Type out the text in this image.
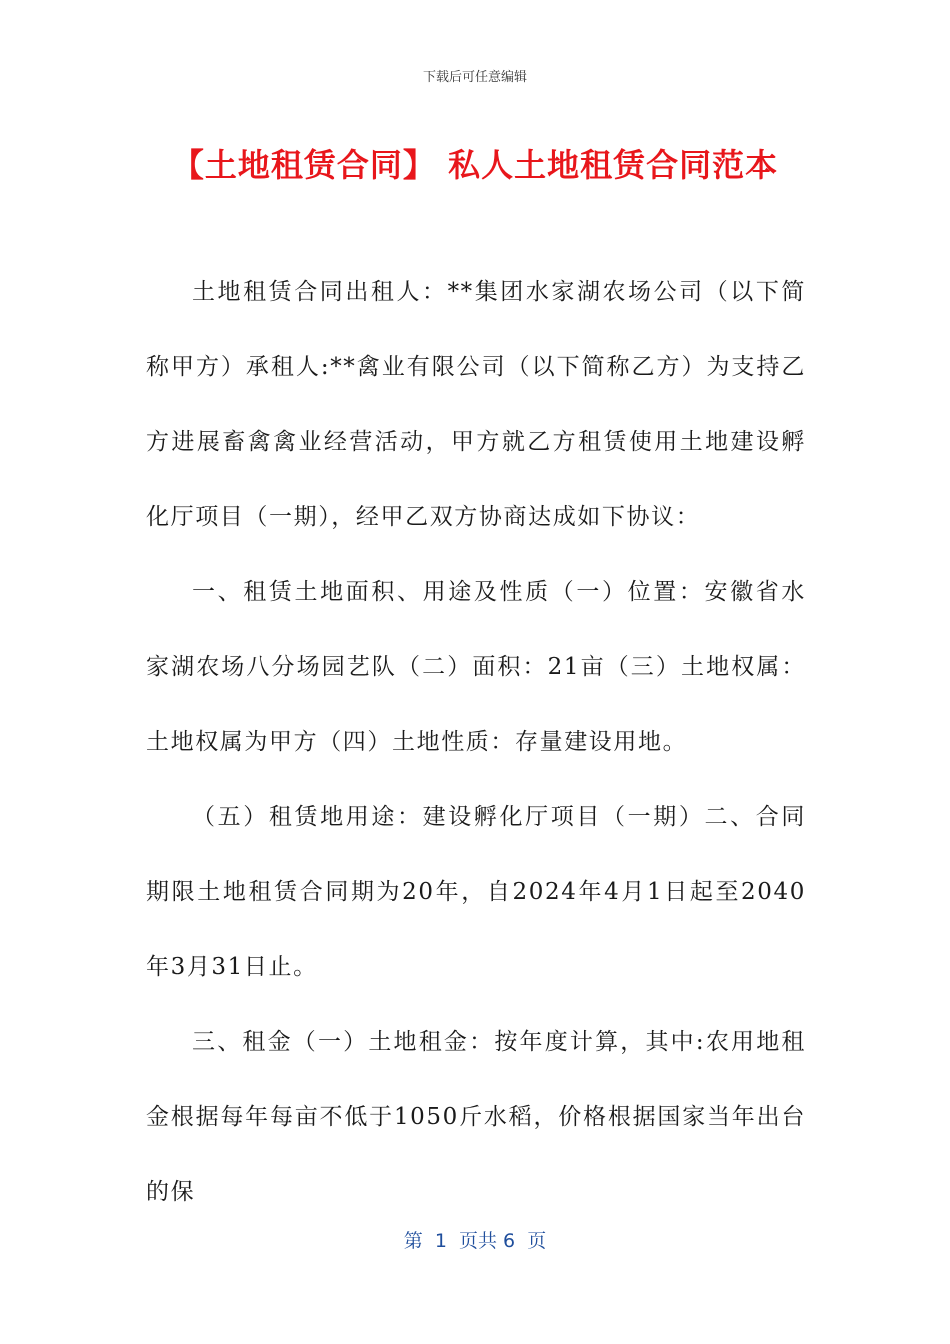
下载后可任意编辑
【土地租赁合同】 私人土地租赁合同范本

土地租赁合同出租人：**集团水家湖农场公司（以下简称甲方）承租人:**禽业有限公司（以下简称乙方）为支持乙方进展畜禽禽业经营活动，甲方就乙方租赁使用土地建设孵化厅项目（一期），经甲乙双方协商达成如下协议：

一、租赁土地面积、用途及性质（一）位置：安徽省水家湖农场八分场园艺队（二）面积：21亩（三）土地权属：土地权属为甲方（四）土地性质：存量建设用地。

（五）租赁地用途：建设孵化厅项目（一期）二、合同期限土地租赁合同期为20年，自2024年4月1日起至2040年3月31日止。

三、租金（一）土地租金：按年度计算，其中:农用地租金根据每年每亩不低于1050斤水稻，价格根据国家当年出台的保

第  1  页共 6  页
